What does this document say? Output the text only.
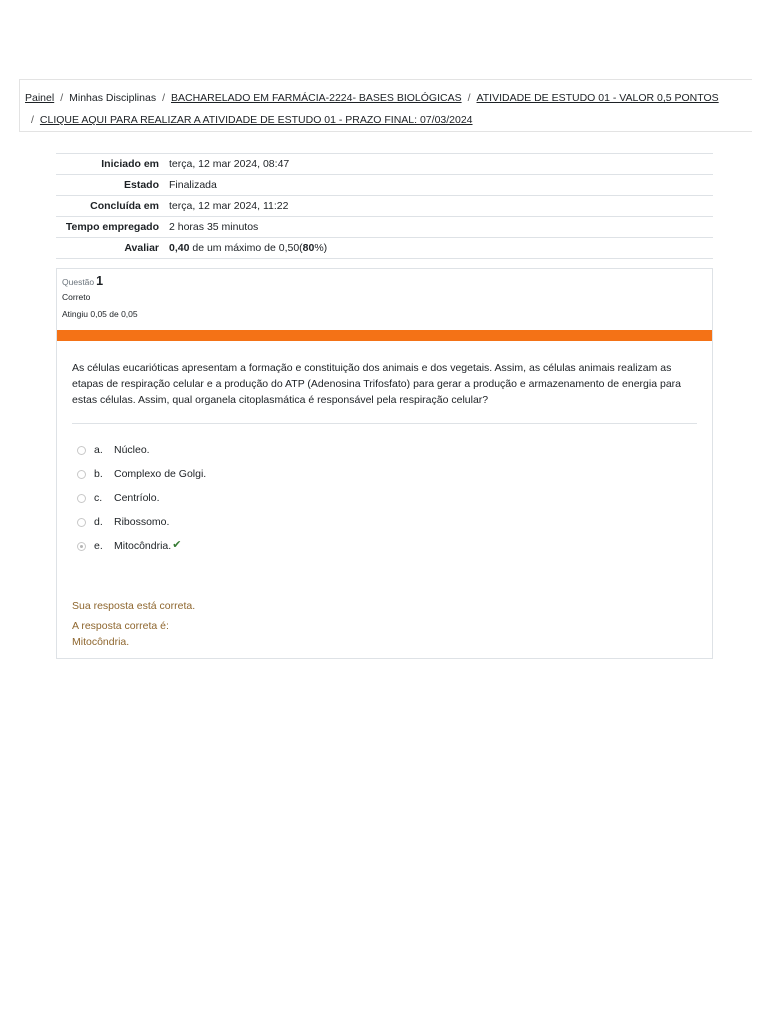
Painel / Minhas Disciplinas / BACHARELADO EM FARMÁCIA-2224- BASES BIOLÓGICAS / ATIVIDADE DE ESTUDO 01 - VALOR 0,5 PONTOS
/ CLIQUE AQUI PARA REALIZAR A ATIVIDADE DE ESTUDO 01 - PRAZO FINAL: 07/03/2024
Iniciado em	terça, 12 mar 2024, 08:47
Estado	Finalizada
Concluída em	terça, 12 mar 2024, 11:22
Tempo empregado	2 horas 35 minutos
Avaliar	0,40 de um máximo de 0,50(80%)
Questão 1
Correto
Atingiu 0,05 de 0,05
As células eucarióticas apresentam a formação e constituição dos animais e dos vegetais. Assim, as células animais realizam as etapas de respiração celular e a produção do ATP (Adenosina Trifosfato) para gerar a produção e armazenamento de energia para estas células. Assim, qual organela citoplasmática é responsável pela respiração celular?
a.	Núcleo.
b.	Complexo de Golgi.
c.	Centríolo.
d.	Ribossomo.
e.	Mitocôndria. ✔
Sua resposta está correta.
A resposta correta é:
Mitocôndria.
